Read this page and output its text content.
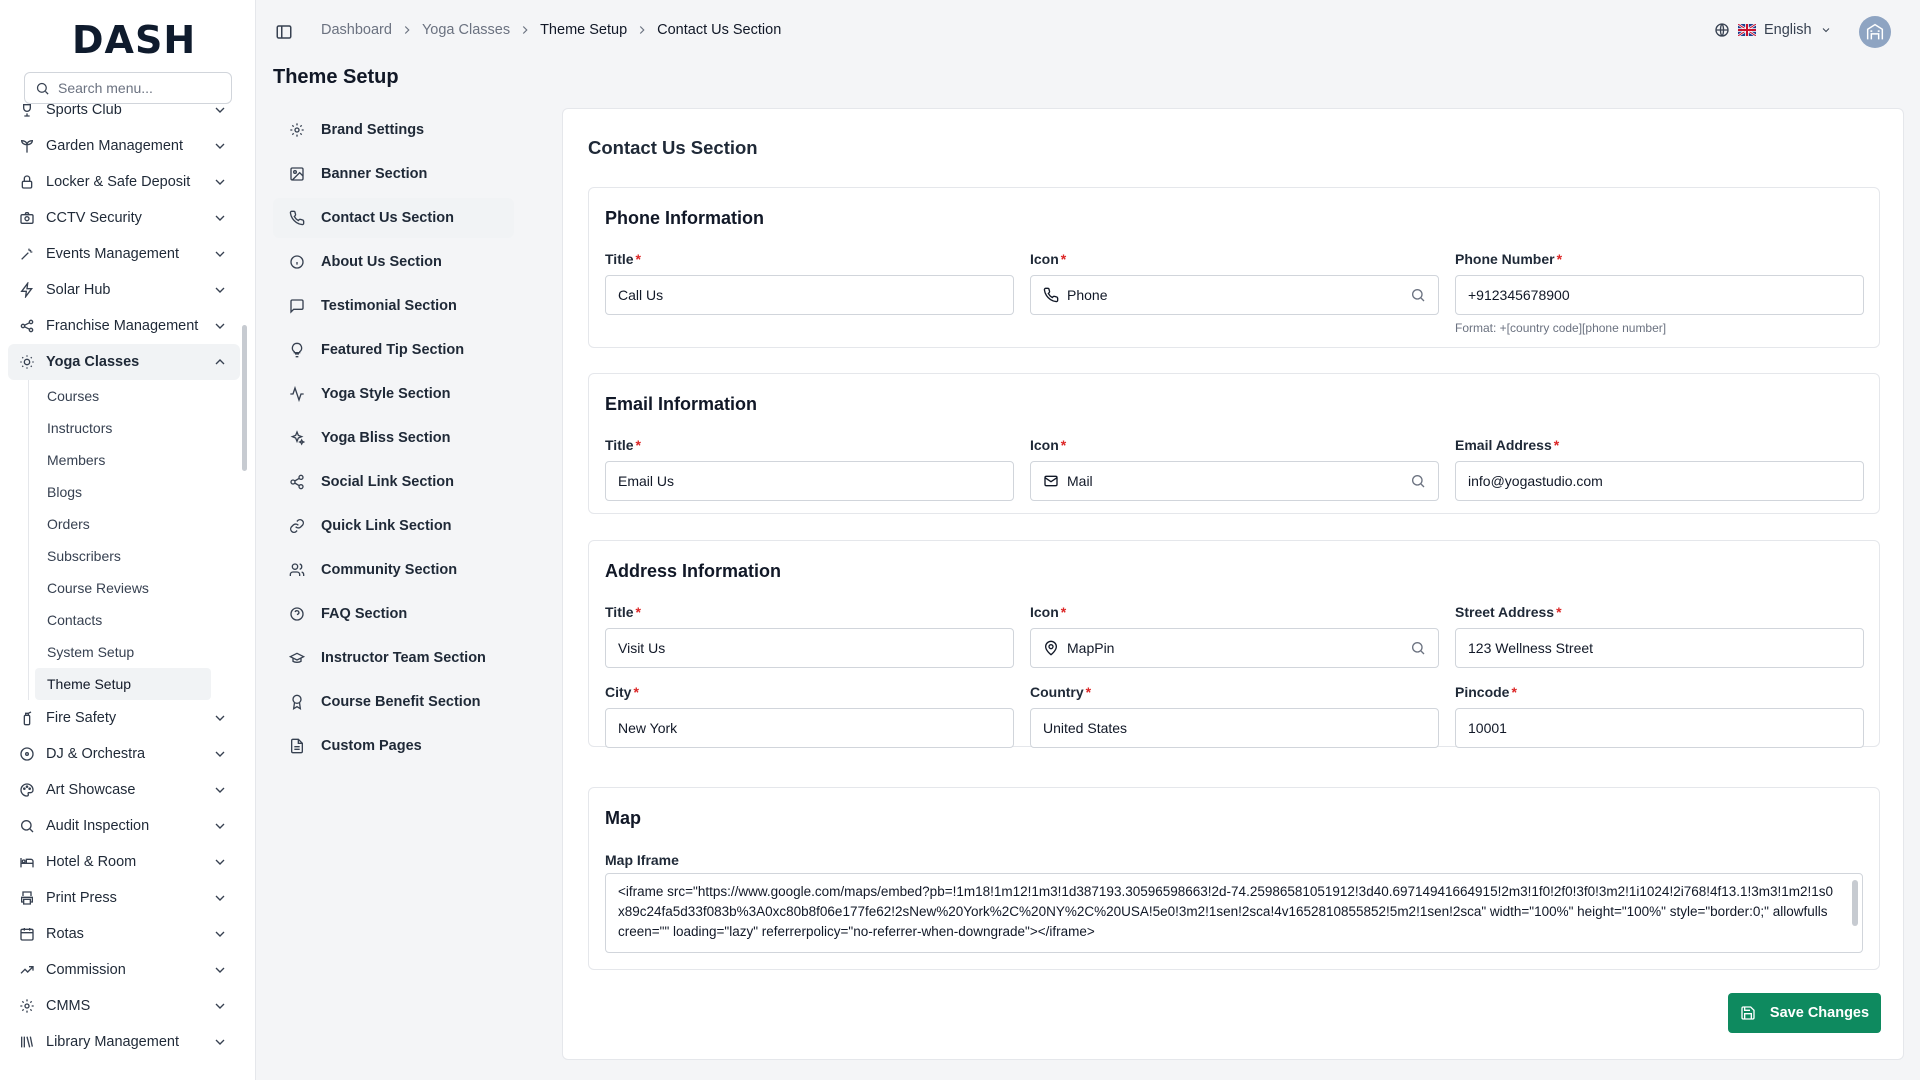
DASH
Search menu...
Sports Club
Garden Management
Locker & Safe Deposit
CCTV Security
Events Management
Solar Hub
Franchise Management
Yoga Classes
Courses
Instructors
Members
Blogs
Orders
Subscribers
Course Reviews
Contacts
System Setup
Theme Setup
Fire Safety
DJ & Orchestra
Art Showcase
Audit Inspection
Hotel & Room
Print Press
Rotas
Commission
CMMS
Library Management
Dashboard Yoga Classes Theme Setup Contact Us Section	English
Theme Setup
Brand Settings
Banner Section
Contact Us Section
About Us Section
Testimonial Section
Featured Tip Section
Yoga Style Section
Yoga Bliss Section
Social Link Section
Quick Link Section
Community Section
FAQ Section
Instructor Team Section
Course Benefit Section
Custom Pages
Contact Us Section
Phone Information
Title *
Call Us
Icon *
Phone
Phone Number *
+912345678900
Format: +[country code][phone number]
Email Information
Title *
Email Us
Icon *
Mail
Email Address *
info@yogastudio.com
Address Information
Title *
Visit Us
Icon *
MapPin
Street Address *
123 Wellness Street
City *
New York
Country *
United States
Pincode *
10001
Map
Map Iframe
<iframe src="https://www.google.com/maps/embed?pb=!1m18!1m12!1m3!1d387193.30596598663!2d-74.25986581051912!3d40.69714941664915!2m3!1f0!2f0!3f0!3m2!1i1024!2i768!4f13.1!3m3!1m2!1s0x89c24fa5d33f083b%3A0xc80b8f06e177fe62!2sNew%20York%2C%20NY%2C%20USA!5e0!3m2!1sen!2sca!4v1652810855852!5m2!1sen!2sca" width="100%" height="100%" style="border:0;" allowfullscreen="" loading="lazy" referrerpolicy="no-referrer-when-downgrade"></iframe>
Save Changes
